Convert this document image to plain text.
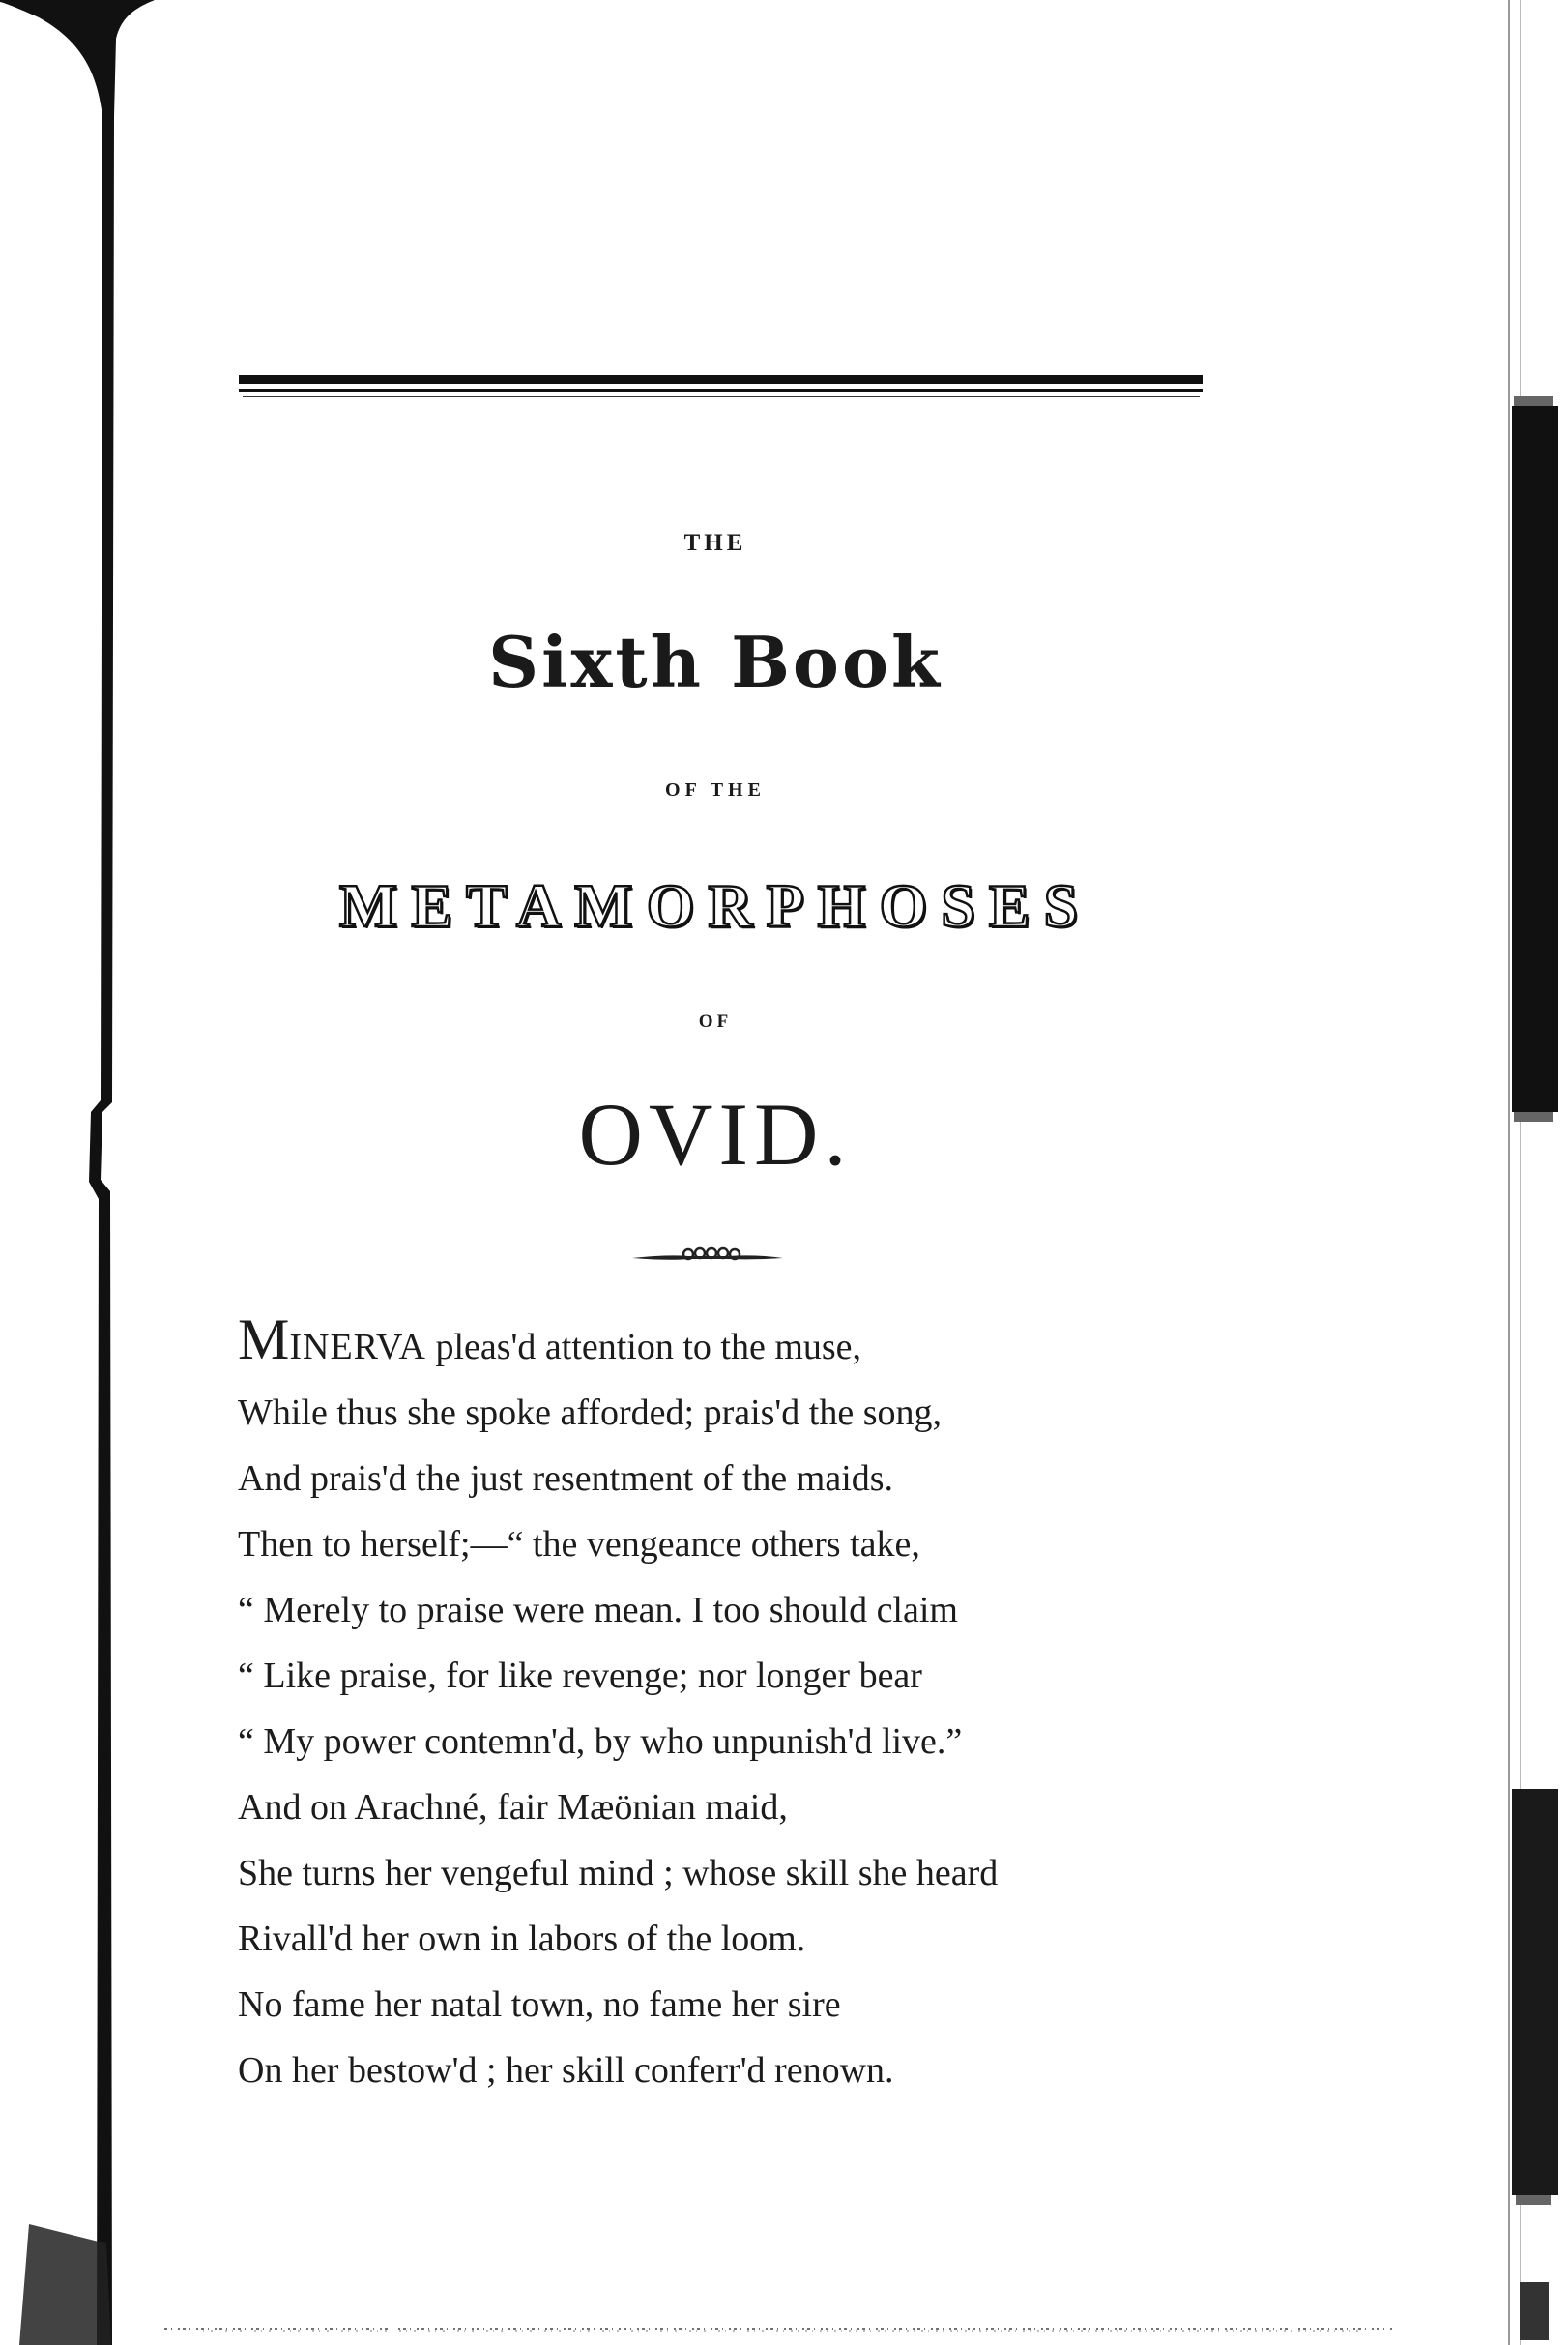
THE
Sixth Book
OF THE
METAMORPHOSES
OF
OVID.
MINERVA pleas'd attention to the muse,
While thus she spoke afforded; prais'd the song,
And prais'd the just resentment of the maids.
Then to herself;—“ the vengeance others take,
“ Merely to praise were mean. I too should claim
“ Like praise, for like revenge; nor longer bear
“ My power contemn'd, by who unpunish'd live.”
And on Arachné, fair Mæönian maid,
She turns her vengeful mind ; whose skill she heard
Rivall'd her own in labors of the loom.
No fame her natal town, no fame her sire
On her bestow'd ; her skill conferr'd renown.
